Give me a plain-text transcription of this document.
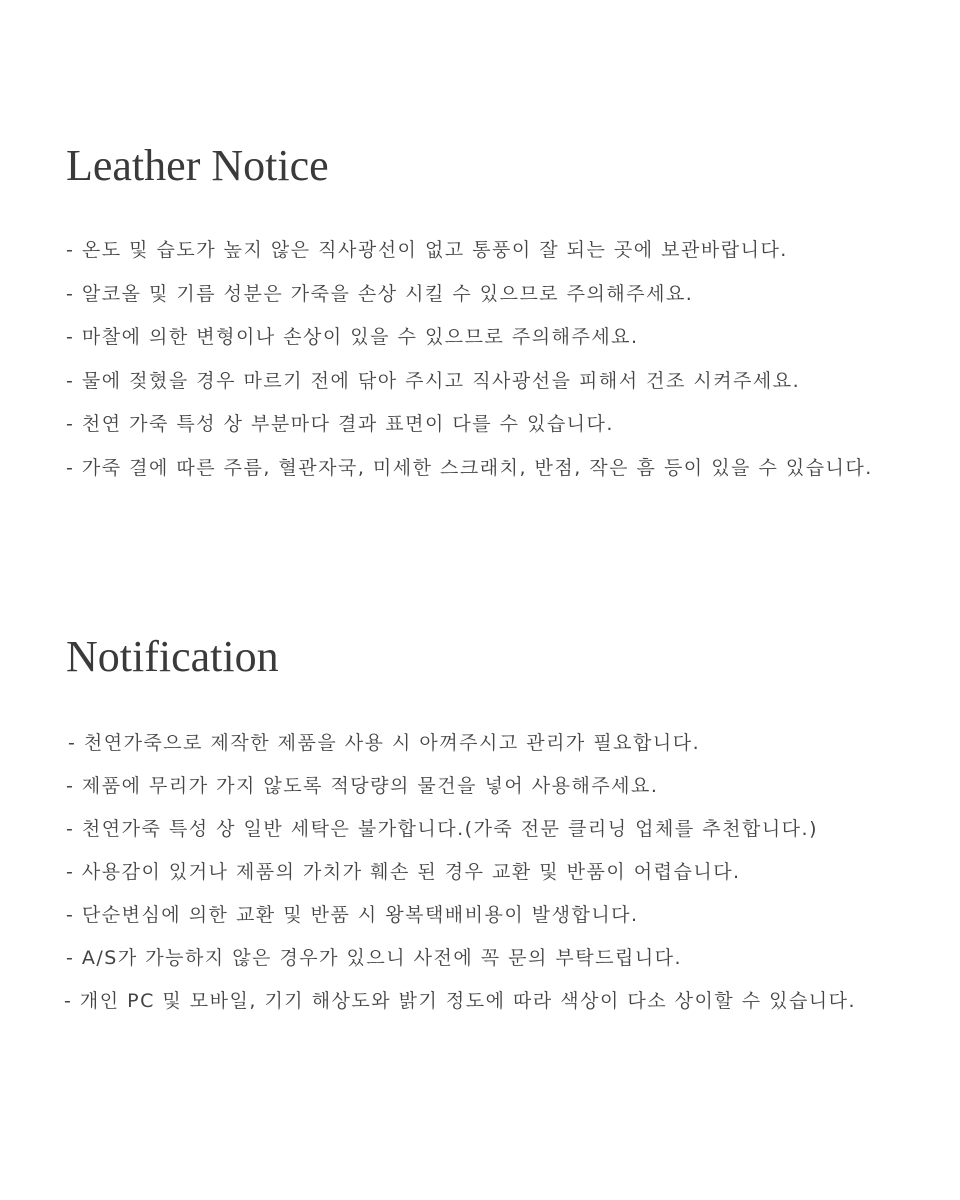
Leather Notice
- 온도 및 습도가 높지 않은 직사광선이 없고 통풍이 잘 되는 곳에 보관바랍니다.
- 알코올 및 기름 성분은 가죽을 손상 시킬 수 있으므로 주의해주세요.
- 마찰에 의한 변형이나 손상이 있을 수 있으므로 주의해주세요.
- 물에 젖혔을 경우 마르기 전에 닦아 주시고 직사광선을 피해서 건조 시켜주세요.
- 천연 가죽 특성 상 부분마다 결과 표면이 다를 수 있습니다.
- 가죽 결에 따른 주름, 혈관자국, 미세한 스크래치, 반점, 작은 흠 등이 있을 수 있습니다.
Notification
- 천연가죽으로 제작한 제품을 사용 시 아껴주시고 관리가 필요합니다.
- 제품에 무리가 가지 않도록 적당량의 물건을 넣어 사용해주세요.
- 천연가죽 특성 상 일반 세탁은 불가합니다.(가죽 전문 클리닝 업체를 추천합니다.)
- 사용감이 있거나 제품의 가치가 훼손 된 경우 교환 및 반품이 어렵습니다.
- 단순변심에 의한 교환 및 반품 시 왕복택배비용이 발생합니다.
- A/S가 가능하지 않은 경우가 있으니 사전에 꼭 문의 부탁드립니다.
- 개인 PC 및 모바일, 기기 해상도와 밝기 정도에 따라 색상이 다소 상이할 수 있습니다.
